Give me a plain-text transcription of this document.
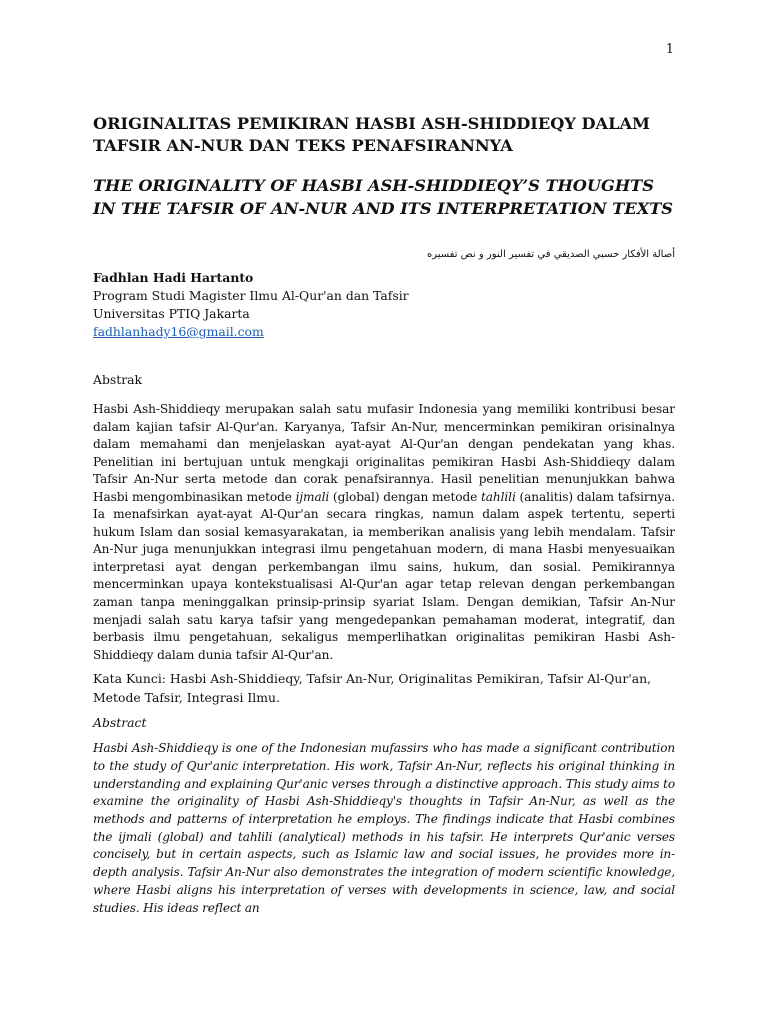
1
ORIGINALITAS PEMIKIRAN HASBI ASH-SHIDDIEQY DALAM TAFSIR AN-NUR DAN TEKS PENAFSIRANNYA
THE ORIGINALITY OF HASBI ASH-SHIDDIEQY’S THOUGHTS IN THE TAFSIR OF AN-NUR AND ITS INTERPRETATION TEXTS
أصالة الأفكار حسبي الصديقي في تفسير النور و نص تفسيره
Fadhlan Hadi Hartanto
Program Studi Magister Ilmu Al-Qur'an dan Tafsir
Universitas PTIQ Jakarta
fadhlanhady16@gmail.com
Abstrak
Hasbi Ash-Shiddieqy merupakan salah satu mufasir Indonesia yang memiliki kontribusi besar dalam kajian tafsir Al-Qur'an. Karyanya, Tafsir An-Nur, mencerminkan pemikiran orisinalnya dalam memahami dan menjelaskan ayat-ayat Al-Qur'an dengan pendekatan yang khas. Penelitian ini bertujuan untuk mengkaji originalitas pemikiran Hasbi Ash-Shiddieqy dalam Tafsir An-Nur serta metode dan corak penafsirannya. Hasil penelitian menunjukkan bahwa Hasbi mengombinasikan metode ijmali (global) dengan metode tahlili (analitis) dalam tafsirnya. Ia menafsirkan ayat-ayat Al-Qur'an secara ringkas, namun dalam aspek tertentu, seperti hukum Islam dan sosial kemasyarakatan, ia memberikan analisis yang lebih mendalam. Tafsir An-Nur juga menunjukkan integrasi ilmu pengetahuan modern, di mana Hasbi menyesuaikan interpretasi ayat dengan perkembangan ilmu sains, hukum, dan sosial. Pemikirannya mencerminkan upaya kontekstualisasi Al-Qur'an agar tetap relevan dengan perkembangan zaman tanpa meninggalkan prinsip-prinsip syariat Islam. Dengan demikian, Tafsir An-Nur menjadi salah satu karya tafsir yang mengedepankan pemahaman moderat, integratif, dan berbasis ilmu pengetahuan, sekaligus memperlihatkan originalitas pemikiran Hasbi Ash-Shiddieqy dalam dunia tafsir Al-Qur'an.
Kata Kunci: Hasbi Ash-Shiddieqy, Tafsir An-Nur, Originalitas Pemikiran, Tafsir Al-Qur'an, Metode Tafsir, Integrasi Ilmu.
Abstract
Hasbi Ash-Shiddieqy is one of the Indonesian mufassirs who has made a significant contribution to the study of Qur'anic interpretation. His work, Tafsir An-Nur, reflects his original thinking in understanding and explaining Qur'anic verses through a distinctive approach. This study aims to examine the originality of Hasbi Ash-Shiddieqy's thoughts in Tafsir An-Nur, as well as the methods and patterns of interpretation he employs. The findings indicate that Hasbi combines the ijmali (global) and tahlili (analytical) methods in his tafsir. He interprets Qur'anic verses concisely, but in certain aspects, such as Islamic law and social issues, he provides more in-depth analysis. Tafsir An-Nur also demonstrates the integration of modern scientific knowledge, where Hasbi aligns his interpretation of verses with developments in science, law, and social studies. His ideas reflect an
